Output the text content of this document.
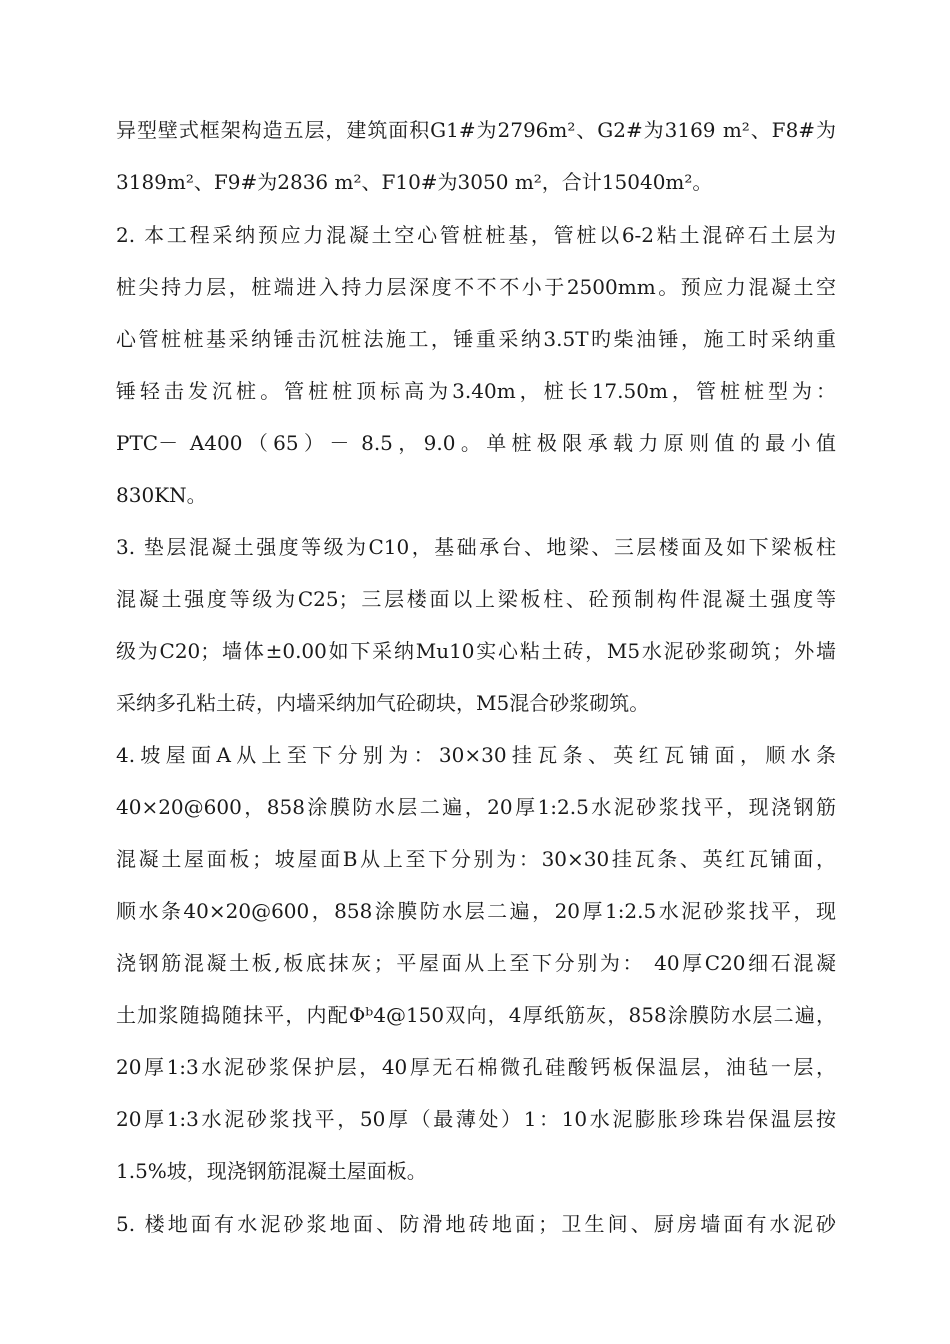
异型壁式框架构造五层，建筑面积G1#为2796m²、G2#为3169 m²、F8#为
3189m²、F9#为2836 m²、F10#为3050 m²，合计15040m²。
2. 本工程采纳预应力混凝土空心管桩桩基，管桩以6-2粘土混碎石土层为
桩尖持力层，桩端进入持力层深度不不不小于2500mm。预应力混凝土空
心管桩桩基采纳锤击沉桩法施工，锤重采纳3.5T旳柴油锤，施工时采纳重
锤轻击发沉桩。管桩桩顶标高为3.40m，桩长17.50m，管桩桩型为：
PTC－ A400（65）－ 8.5，9.0。单桩极限承载力原则值的最小值
830KN。
3. 垫层混凝土强度等级为C10，基础承台、地梁、三层楼面及如下梁板柱
混凝土强度等级为C25；三层楼面以上梁板柱、砼预制构件混凝土强度等
级为C20；墙体±0.00如下采纳Mu10实心粘土砖，M5水泥砂浆砌筑；外墙
采纳多孔粘土砖，内墙采纳加气砼砌块，M5混合砂浆砌筑。
4.坡屋面A从上至下分别为：30×30挂瓦条、英红瓦铺面，顺水条
40×20@600，858涂膜防水层二遍，20厚1:2.5水泥砂浆找平，现浇钢筋
混凝土屋面板；坡屋面B从上至下分别为：30×30挂瓦条、英红瓦铺面，
顺水条40×20@600，858涂膜防水层二遍，20厚1:2.5水泥砂浆找平，现
浇钢筋混凝土板,板底抹灰；平屋面从上至下分别为： 40厚C20细石混凝
土加浆随捣随抹平，内配Φᵇ4@150双向，4厚纸筋灰，858涂膜防水层二遍，
20厚1:3水泥砂浆保护层，40厚无石棉微孔硅酸钙板保温层，油毡一层，
20厚1:3水泥砂浆找平，50厚（最薄处）1：10水泥膨胀珍珠岩保温层按
1.5%坡，现浇钢筋混凝土屋面板。
5. 楼地面有水泥砂浆地面、防滑地砖地面；卫生间、厨房墙面有水泥砂
